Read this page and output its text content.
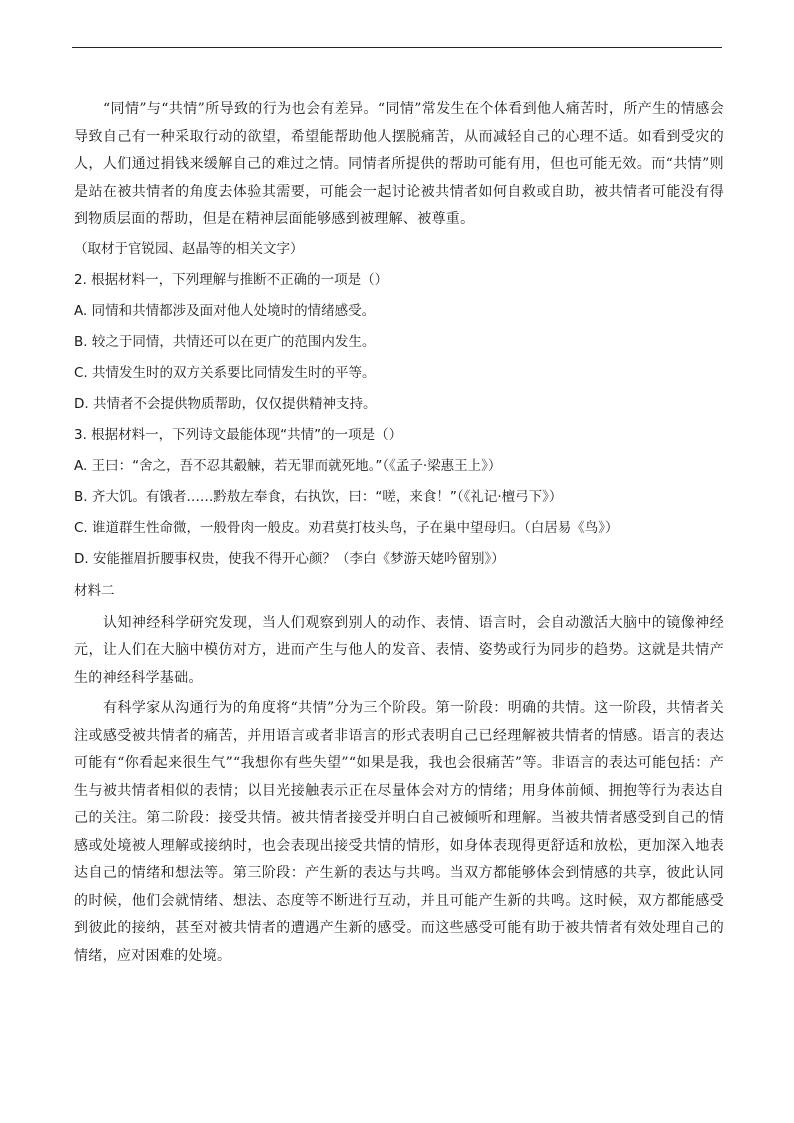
“同情”与“共情”所导致的行为也会有差异。“同情”常发生在个体看到他人痛苦时，所产生的情感会导致自己有一种采取行动的欲望，希望能帮助他人摆脱痛苦，从而减轻自己的心理不适。如看到受灾的人，人们通过捐钱来缓解自己的难过之情。同情者所提供的帮助可能有用，但也可能无效。而“共情”则是站在被共情者的角度去体验其需要，可能会一起讨论被共情者如何自救或自助，被共情者可能没有得到物质层面的帮助，但是在精神层面能够感到被理解、被尊重。

（取材于官锐园、赵晶等的相关文字）

2. 根据材料一，下列理解与推断不正确的一项是（）

A. 同情和共情都涉及面对他人处境时的情绪感受。

B. 较之于同情，共情还可以在更广的范围内发生。

C. 共情发生时的双方关系要比同情发生时的平等。

D. 共情者不会提供物质帮助，仅仅提供精神支持。

3. 根据材料一，下列诗文最能体现“共情”的一项是（）

A. 王曰：“舍之，吾不忍其觳觫，若无罪而就死地。”（《孟子·梁惠王上》）

B. 齐大饥。有饿者……黔敖左奉食，右执饮，曰：“嗟，来食！”（《礼记·檀弓下》）

C. 谁道群生性命微，一般骨肉一般皮。劝君莫打枝头鸟，子在巢中望母归。（白居易《鸟》）

D. 安能摧眉折腰事权贵，使我不得开心颜？（李白《梦游天姥吟留别》）

材料二

认知神经科学研究发现，当人们观察到别人的动作、表情、语言时，会自动激活大脑中的镜像神经元，让人们在大脑中模仿对方，进而产生与他人的发音、表情、姿势或行为同步的趋势。这就是共情产生的神经科学基础。

有科学家从沟通行为的角度将“共情”分为三个阶段。第一阶段：明确的共情。这一阶段，共情者关注或感受被共情者的痛苦，并用语言或者非语言的形式表明自己已经理解被共情者的情感。语言的表达可能有“你看起来很生气”“我想你有些失望”“如果是我，我也会很痛苦”等。非语言的表达可能包括：产生与被共情者相似的表情；以目光接触表示正在尽量体会对方的情绪；用身体前倾、拥抱等行为表达自己的关注。第二阶段：接受共情。被共情者接受并明白自己被倾听和理解。当被共情者感受到自己的情感或处境被人理解或接纳时，也会表现出接受共情的情形，如身体表现得更舒适和放松，更加深入地表达自己的情绪和想法等。第三阶段：产生新的表达与共鸣。当双方都能够体会到情感的共享，彼此认同的时候，他们会就情绪、想法、态度等不断进行互动，并且可能产生新的共鸣。这时候，双方都能感受到彼此的接纳，甚至对被共情者的遭遇产生新的感受。而这些感受可能有助于被共情者有效处理自己的情绪，应对困难的处境。
